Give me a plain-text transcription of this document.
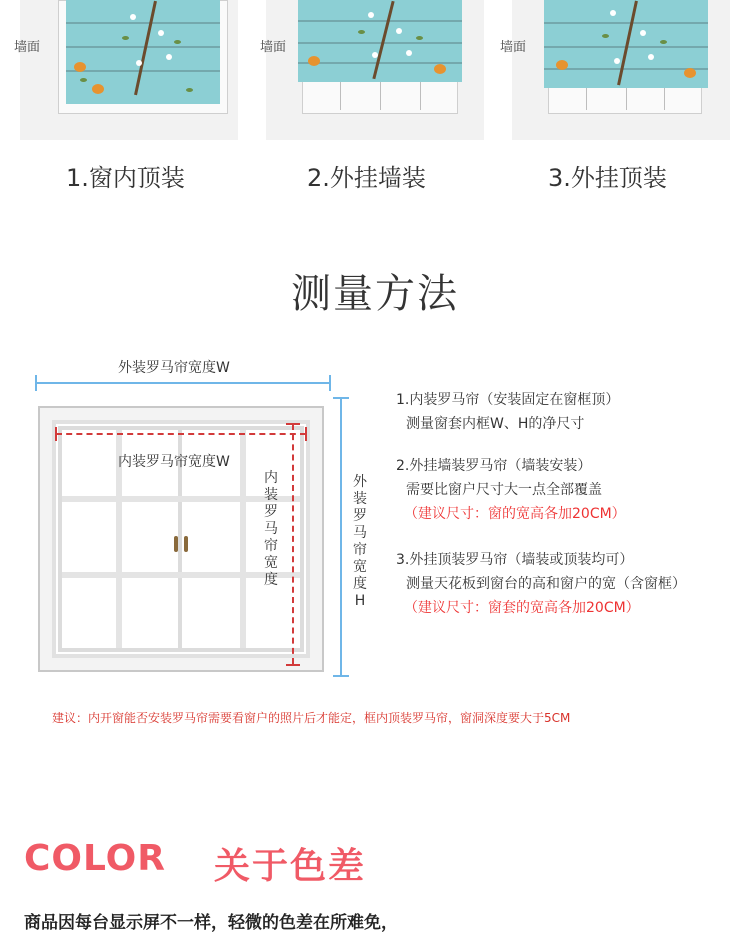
墙面
1.窗内顶装
墙面
2.外挂墙装
墙面
3.外挂顶装
测量方法
外装罗马帘宽度W
外装罗马帘宽度H
内装罗马帘宽度W
内装罗马帘宽度
1.内装罗马帘（安装固定在窗框顶）
测量窗套内框W、H的净尺寸
2.外挂墙装罗马帘（墙装安装）
需要比窗户尺寸大一点全部覆盖
（建议尺寸：窗的宽高各加20CM）
3.外挂顶装罗马帘（墙装或顶装均可）
测量天花板到窗台的高和窗户的宽（含窗框）
（建议尺寸：窗套的宽高各加20CM）
建议：内开窗能否安装罗马帘需要看窗户的照片后才能定，框内顶装罗马帘，窗洞深度要大于5CM
COLOR 关于色差
商品因每台显示屏不一样，轻微的色差在所难免，
